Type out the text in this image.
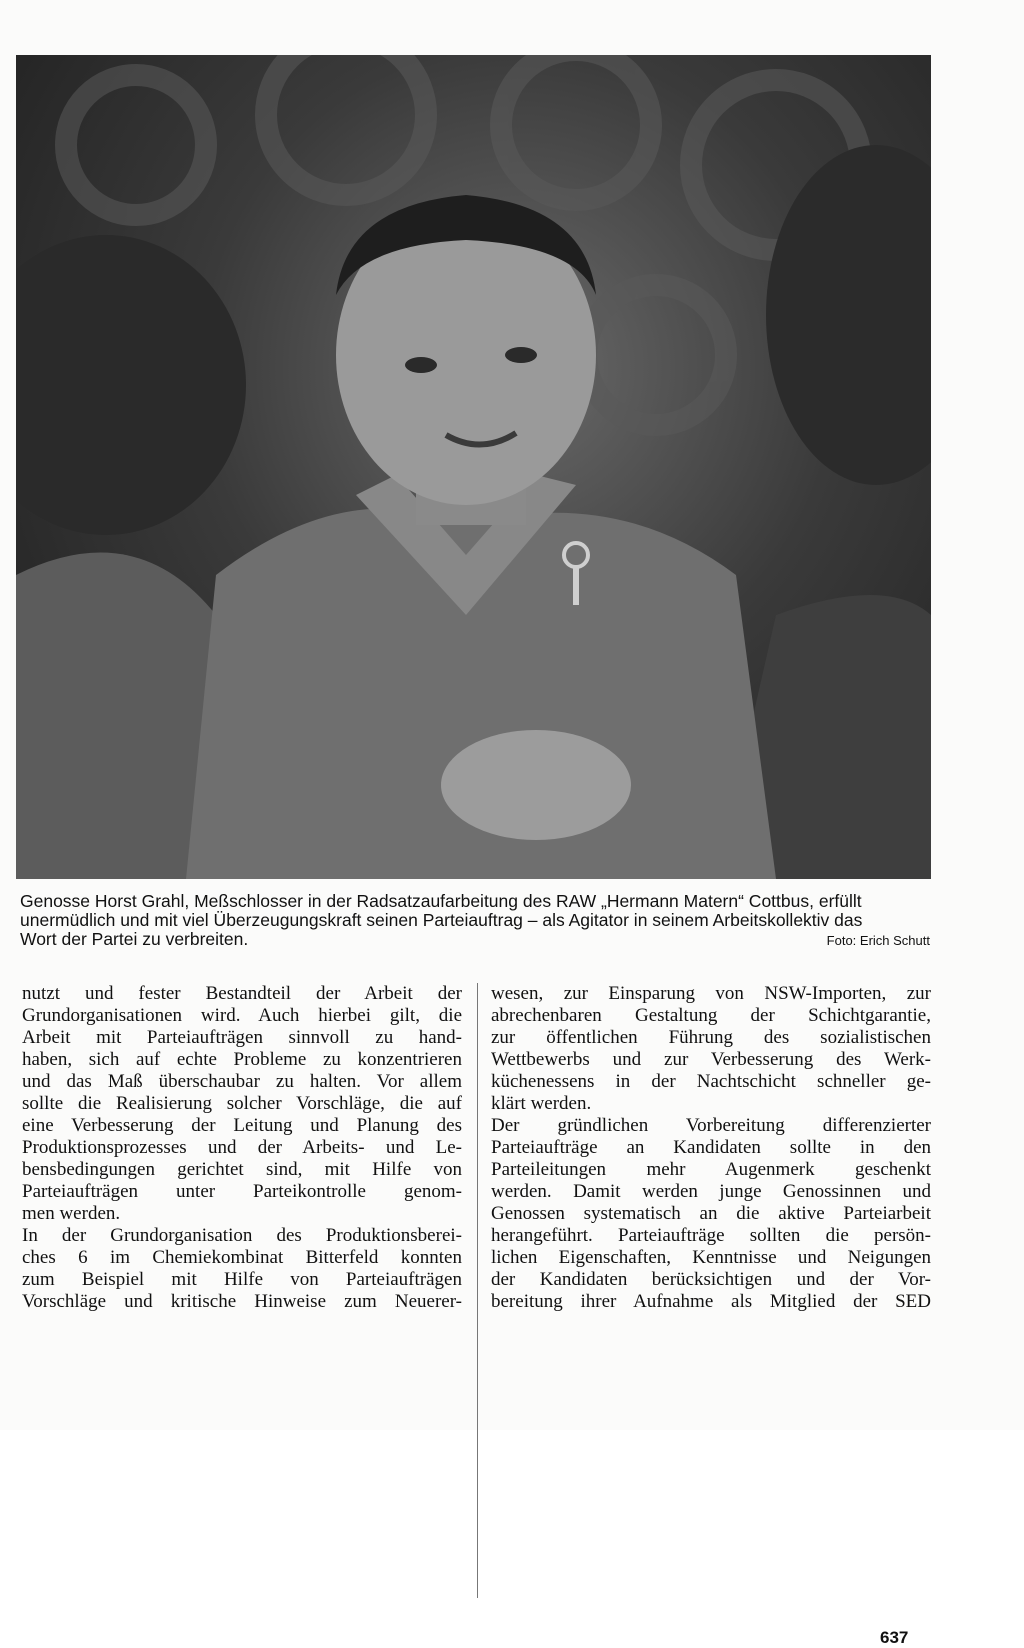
Genosse Horst Grahl, Meßschlosser in der Radsatzaufarbeitung des RAW „Hermann Matern“ Cottbus, erfüllt
unermüdlich und mit viel Überzeugungskraft seinen Parteiauftrag – als Agitator in seinem Arbeitskollektiv das
Wort der Partei zu verbreiten.	Foto: Erich Schutt
nutzt und fester Bestandteil der Arbeit der
Grundorganisationen wird. Auch hierbei gilt, die
Arbeit mit Parteiaufträgen sinnvoll zu hand-
haben, sich auf echte Probleme zu konzentrieren
und das Maß überschaubar zu halten. Vor allem
sollte die Realisierung solcher Vorschläge, die auf
eine Verbesserung der Leitung und Planung des
Produktionsprozesses und der Arbeits- und Le-
bensbedingungen gerichtet sind, mit Hilfe von
Parteiaufträgen unter Parteikontrolle genom-
men werden.
In der Grundorganisation des Produktionsberei-
ches 6 im Chemiekombinat Bitterfeld konnten
zum Beispiel mit Hilfe von Parteiaufträgen
Vorschläge und kritische Hinweise zum Neuerer-
wesen, zur Einsparung von NSW-Importen, zur
abrechenbaren Gestaltung der Schichtgarantie,
zur öffentlichen Führung des sozialistischen
Wettbewerbs und zur Verbesserung des Werk-
küchenessens in der Nachtschicht schneller ge-
klärt werden.
Der gründlichen Vorbereitung differenzierter
Parteiaufträge an Kandidaten sollte in den
Parteileitungen mehr Augenmerk geschenkt
werden. Damit werden junge Genossinnen und
Genossen systematisch an die aktive Parteiarbeit
herangeführt. Parteiaufträge sollten die persön-
lichen Eigenschaften, Kenntnisse und Neigungen
der Kandidaten berücksichtigen und der Vor-
bereitung ihrer Aufnahme als Mitglied der SED
637
